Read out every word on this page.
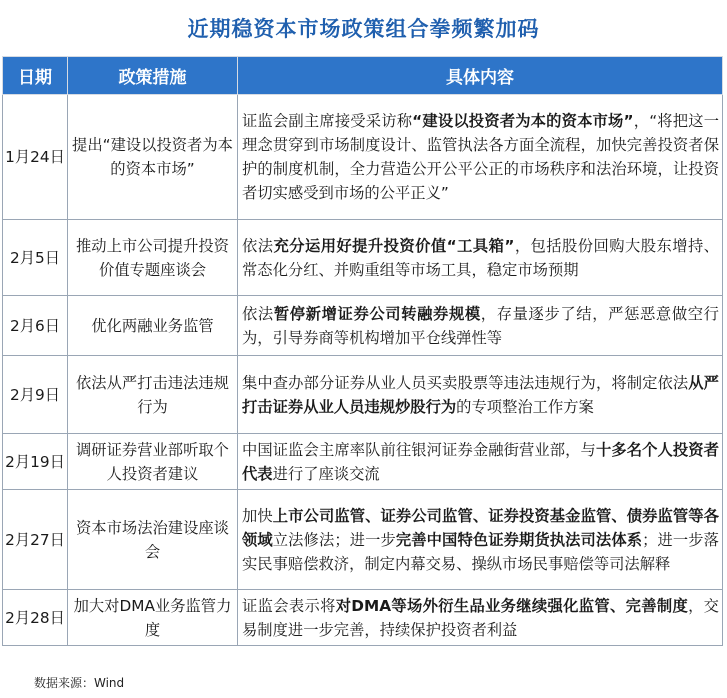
近期稳资本市场政策组合拳频繁加码
日期	政策措施	具体内容
1月24日	提出“建设以投资者为本的资本市场”	证监会副主席接受采访称“建设以投资者为本的资本市场”，“将把这一理念贯穿到市场制度设计、监管执法各方面全流程，加快完善投资者保护的制度机制，全力营造公开公平公正的市场秩序和法治环境，让投资者切实感受到市场的公平正义”
2月5日	推动上市公司提升投资价值专题座谈会	依法充分运用好提升投资价值“工具箱”，包括股份回购大股东增持、常态化分红、并购重组等市场工具，稳定市场预期
2月6日	优化两融业务监管	依法暂停新增证券公司转融券规模，存量逐步了结，严惩恶意做空行为，引导券商等机构增加平仓线弹性等
2月9日	依法从严打击违法违规行为	集中查办部分证券从业人员买卖股票等违法违规行为，将制定依法从严打击证券从业人员违规炒股行为的专项整治工作方案
2月19日	调研证券营业部听取个人投资者建议	中国证监会主席率队前往银河证券金融街营业部，与十多名个人投资者代表进行了座谈交流
2月27日	资本市场法治建设座谈会	加快上市公司监管、证券公司监管、证券投资基金监管、债券监管等各领域立法修法；进一步完善中国特色证券期货执法司法体系；进一步落实民事赔偿救济，制定内幕交易、操纵市场民事赔偿等司法解释
2月28日	加大对DMA业务监管力度	证监会表示将对DMA等场外衍生品业务继续强化监管、完善制度，交易制度进一步完善，持续保护投资者利益
数据来源：Wind
